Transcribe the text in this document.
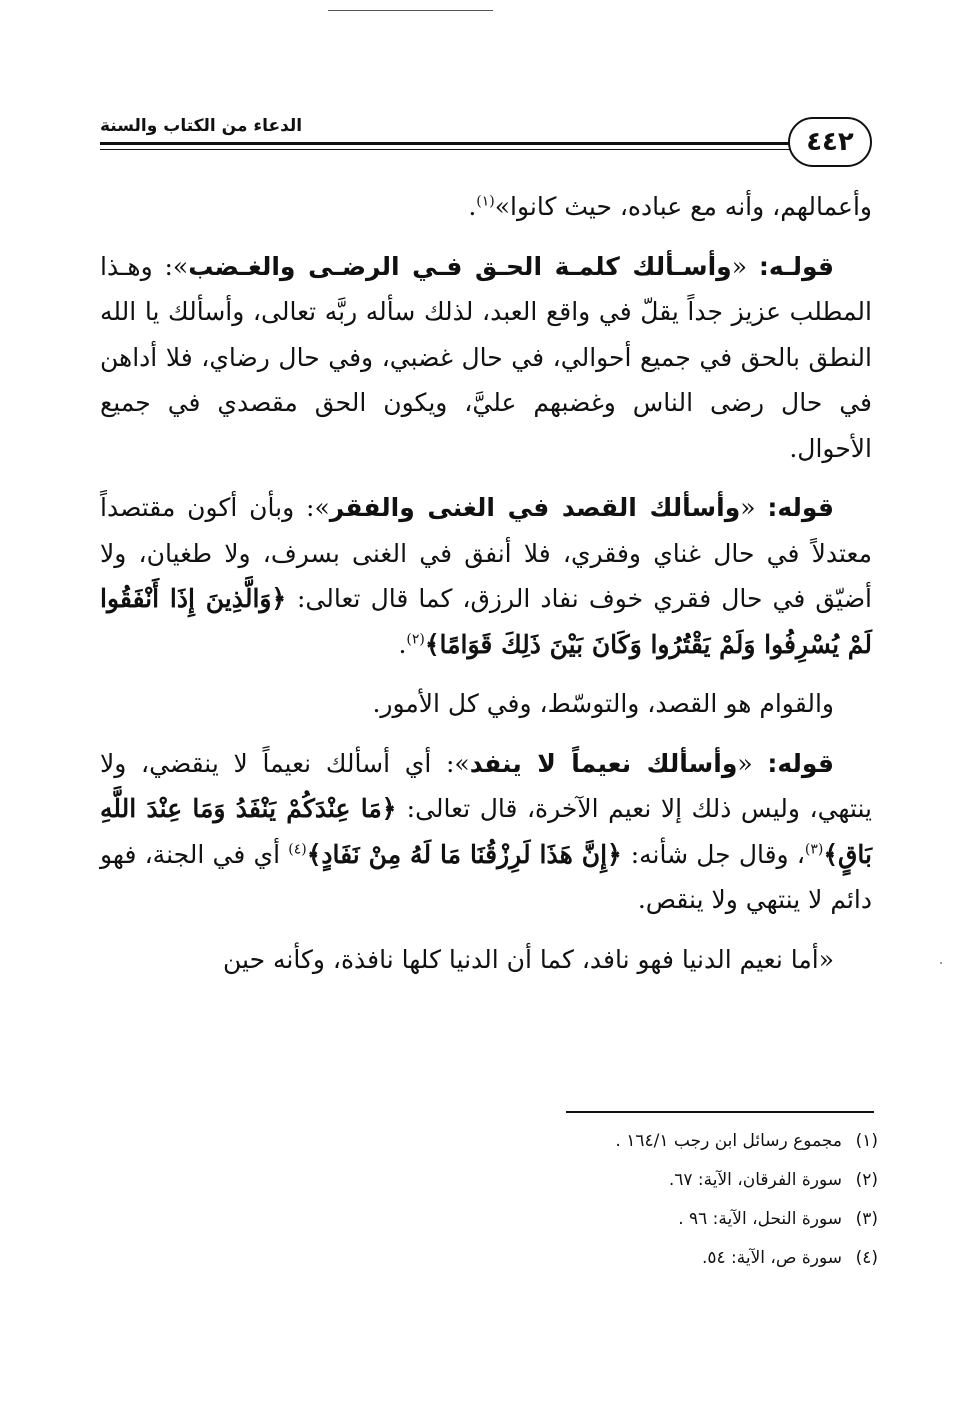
الدعاء من الكتاب والسنة
٤٤٢

وأعمالهم، وأنه مع عباده، حيث كانوا»$^{(١)}$.

قولـه: «وأسـألك كلمـة الحـق فـي الرضـى والغـضب»: وهـذا المطلب عزيز جداً يقلّ في واقع العبد، لذلك سأله ربَّه تعالى، وأسألك يا الله النطق بالحق في جميع أحوالي، في حال غضبي، وفي حال رضاي، فلا أداهن في حال رضى الناس وغضبهم عليَّ، ويكون الحق مقصدي في جميع الأحوال.

قوله: «وأسألك القصد في الغنى والفقر»: وبأن أكون مقتصداً معتدلاً في حال غناي وفقري، فلا أنفق في الغنى بسرف، ولا طغيان، ولا أضيّق في حال فقري خوف نفاد الرزق، كما قال تعالى: ﴿وَالَّذِينَ إِذَا أَنْفَقُوا لَمْ يُسْرِفُوا وَلَمْ يَقْتُرُوا وَكَانَ بَيْنَ ذَلِكَ قَوَامًا﴾$^{(٢)}$.

والقوام هو القصد، والتوسّط، وفي كل الأمور.

قوله: «وأسألك نعيماً لا ينفد»: أي أسألك نعيماً لا ينقضي، ولا ينتهي، وليس ذلك إلا نعيم الآخرة، قال تعالى: ﴿مَا عِنْدَكُمْ يَنْفَدُ وَمَا عِنْدَ اللَّهِ بَاقٍ﴾$^{(٣)}$، وقال جل شأنه: ﴿إِنَّ هَذَا لَرِزْقُنَا مَا لَهُ مِنْ نَفَادٍ﴾$^{(٤)}$ أي في الجنة، فهو دائم لا ينتهي ولا ينقص.

«أما نعيم الدنيا فهو نافد، كما أن الدنيا كلها نافذة، وكأنه حين

(١)مجموع رسائل ابن رجب ١٦٤/١ .
(٢)سورة الفرقان، الآية: ٦٧.
(٣)سورة النحل، الآية: ٩٦ .
(٤)سورة ص، الآية: ٥٤.
